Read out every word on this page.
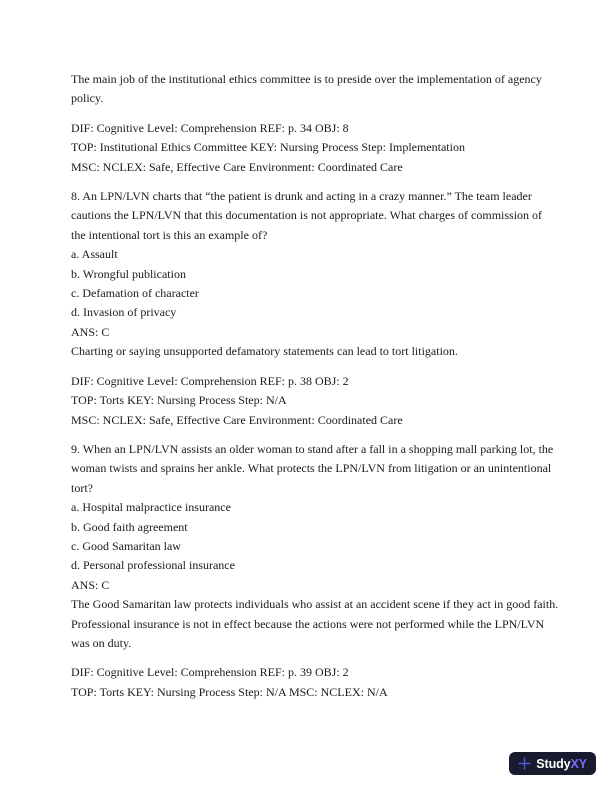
The main job of the institutional ethics committee is to preside over the implementation of agency
policy.
DIF: Cognitive Level: Comprehension REF: p. 34 OBJ: 8
TOP: Institutional Ethics Committee KEY: Nursing Process Step: Implementation
MSC: NCLEX: Safe, Effective Care Environment: Coordinated Care
8. An LPN/LVN charts that “the patient is drunk and acting in a crazy manner.” The team leader
cautions the LPN/LVN that this documentation is not appropriate. What charges of commission of
the intentional tort is this an example of?
a. Assault
b. Wrongful publication
c. Defamation of character
d. Invasion of privacy
ANS: C
Charting or saying unsupported defamatory statements can lead to tort litigation.
DIF: Cognitive Level: Comprehension REF: p. 38 OBJ: 2
TOP: Torts KEY: Nursing Process Step: N/A
MSC: NCLEX: Safe, Effective Care Environment: Coordinated Care
9. When an LPN/LVN assists an older woman to stand after a fall in a shopping mall parking lot, the
woman twists and sprains her ankle. What protects the LPN/LVN from litigation or an unintentional
tort?
a. Hospital malpractice insurance
b. Good faith agreement
c. Good Samaritan law
d. Personal professional insurance
ANS: C
The Good Samaritan law protects individuals who assist at an accident scene if they act in good faith.
Professional insurance is not in effect because the actions were not performed while the LPN/LVN
was on duty.
DIF: Cognitive Level: Comprehension REF: p. 39 OBJ: 2
TOP: Torts KEY: Nursing Process Step: N/A MSC: NCLEX: N/A
StudyXY
